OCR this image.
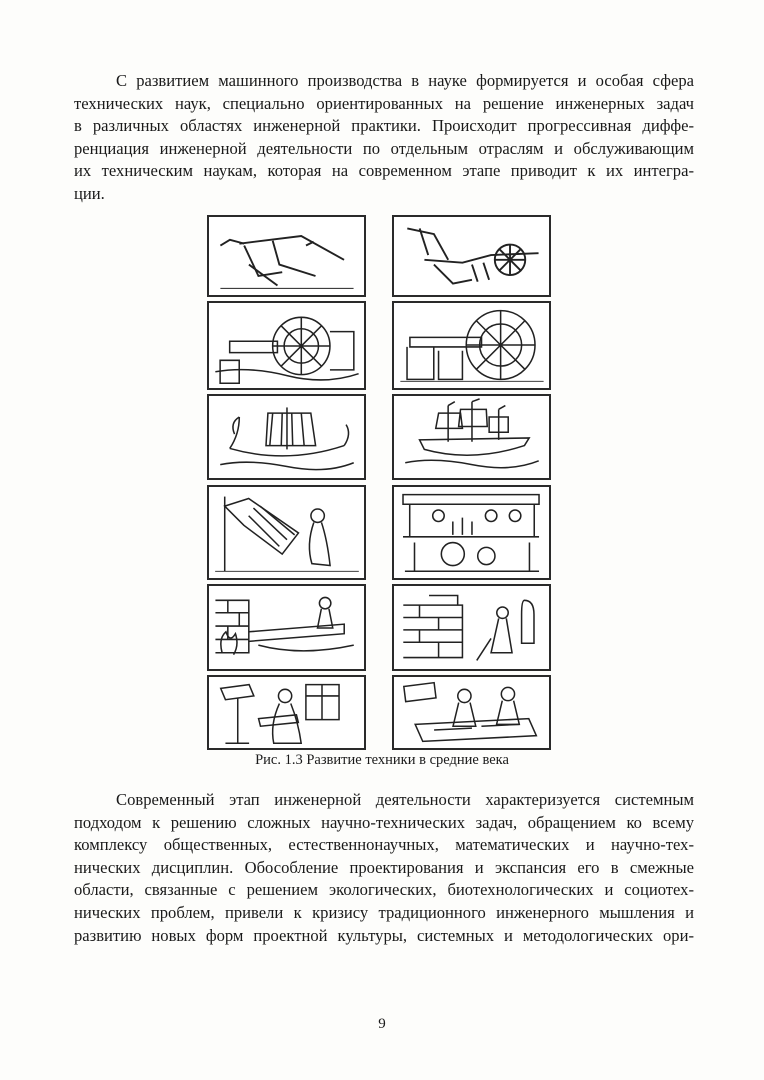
С развитием машинного производства в науке формируется и особая сфера
технических наук, специально ориентированных на решение инженерных задач
в различных областях инженерной практики. Происходит прогрессивная диффе-
ренциация инженерной деятельности по отдельным отраслям и обслуживающим
их техническим наукам, которая на современном этапе приводит к их интегра-
ции.
Рис. 1.3 Развитие техники в средние века
Современный этап инженерной деятельности характеризуется системным
подходом к решению сложных научно-технических задач, обращением ко всему
комплексу общественных, естественнонаучных, математических и научно-тех-
нических дисциплин. Обособление проектирования и экспансия его в смежные
области, связанные с решением экологических, биотехнологических и социотех-
нических проблем, привели к кризису традиционного инженерного мышления и
развитию новых форм проектной культуры, системных и методологических ори-
9
